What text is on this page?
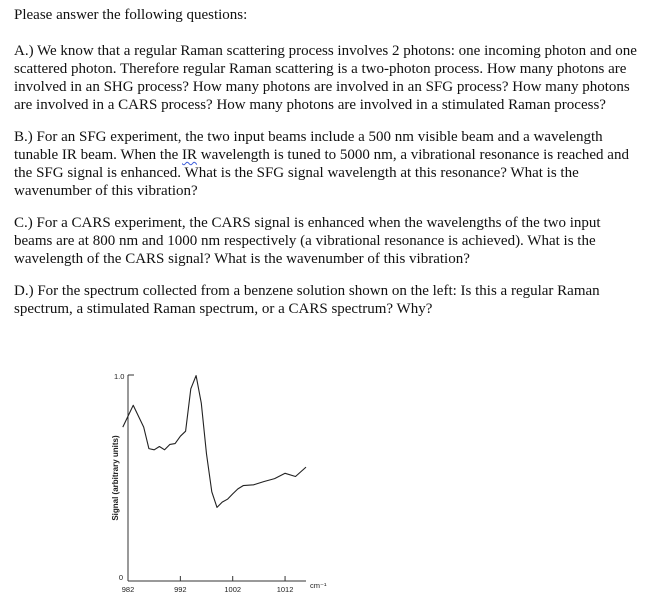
Please answer the following questions:

A.) We know that a regular Raman scattering process involves 2 photons: one incoming photon and one scattered photon. Therefore regular Raman scattering is a two-photon process. How many photons are involved in an SHG process? How many photons are involved in an SFG process? How many photons are involved in a CARS process? How many photons are involved in a stimulated Raman process?

B.) For an SFG experiment, the two input beams include a 500 nm visible beam and a wavelength tunable IR beam. When the IR wavelength is tuned to 5000 nm, a vibrational resonance is reached and the SFG signal is enhanced. What is the SFG signal wavelength at this resonance? What is the wavenumber of this vibration?

C.) For a CARS experiment, the CARS signal is enhanced when the wavelengths of the two input beams are at 800 nm and 1000 nm respectively (a vibrational resonance is achieved). What is the wavelength of the CARS signal? What is the wavenumber of this vibration?

D.) For the spectrum collected from a benzene solution shown on the left: Is this a regular Raman spectrum, a stimulated Raman spectrum, or a CARS spectrum? Why?

Signal (arbitrary units)
1.0
0
cm⁻¹
982	992	1002	1012
